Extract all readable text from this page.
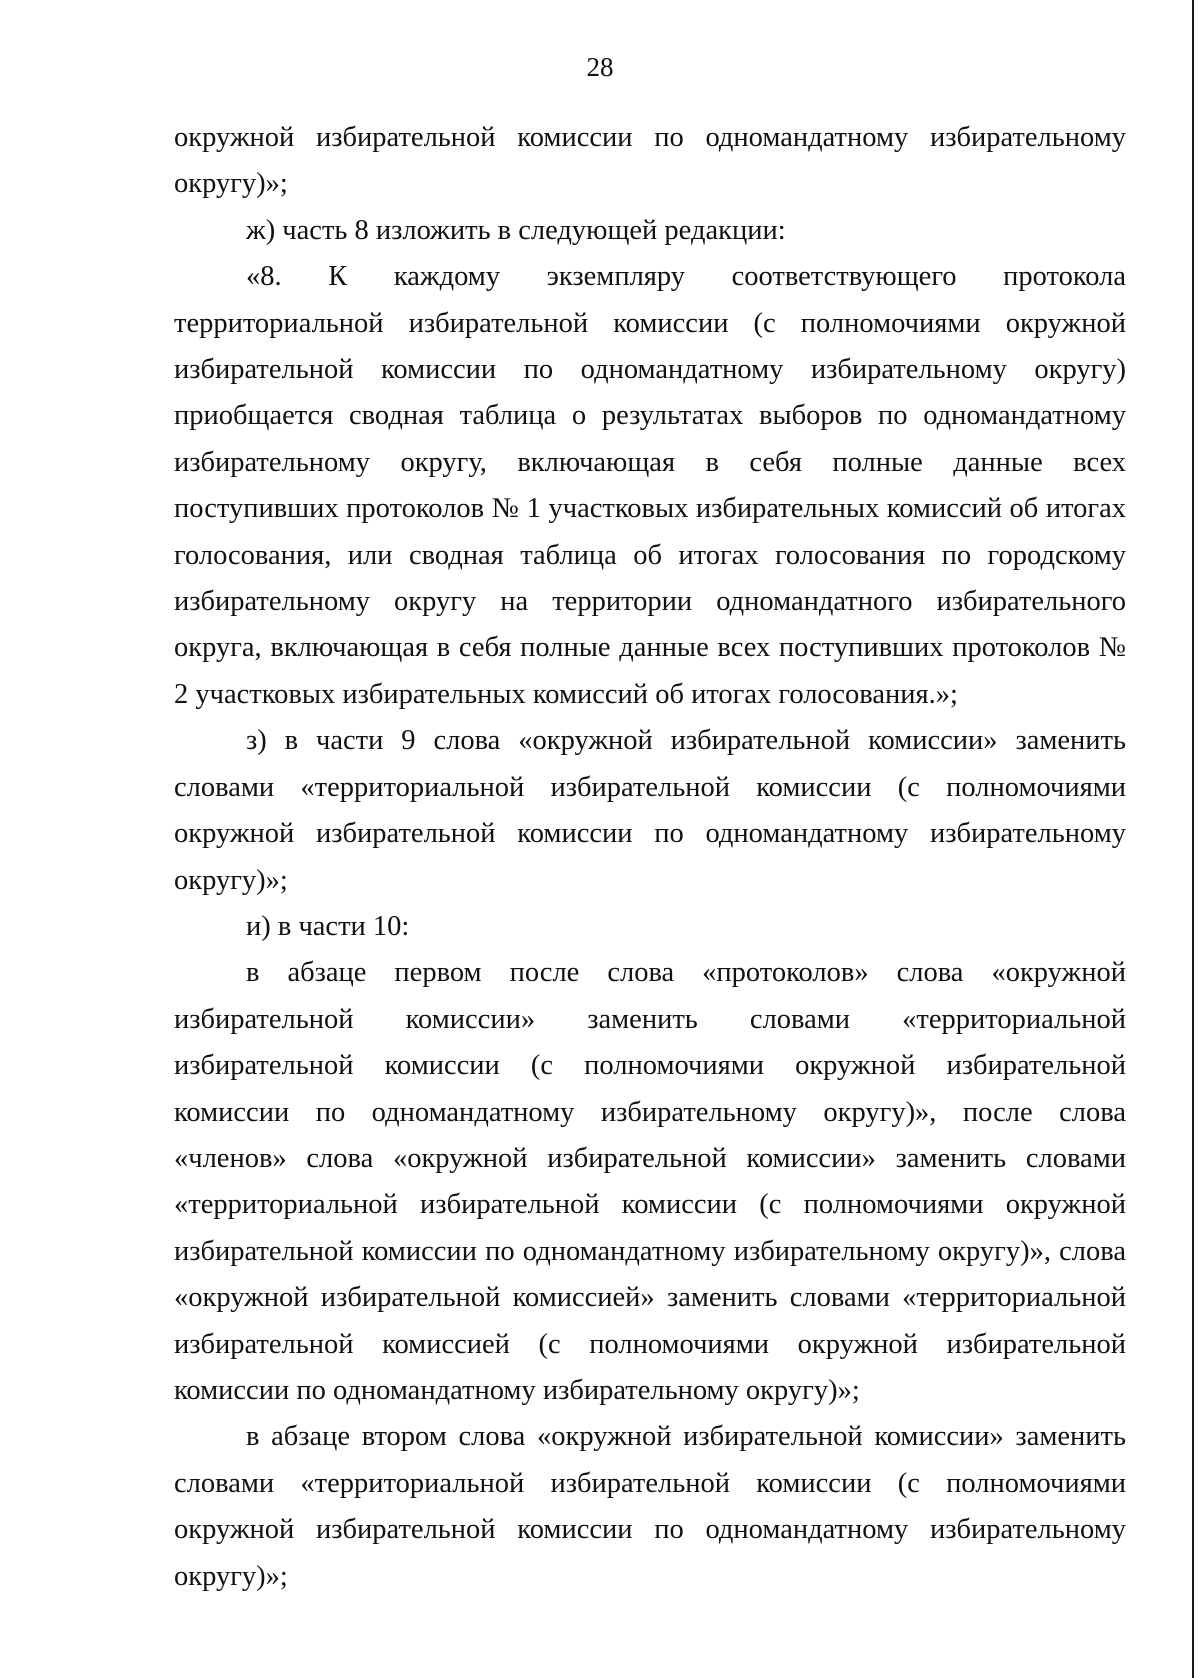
28

окружной избирательной комиссии по одномандатному избирательному округу)»;

ж) часть 8 изложить в следующей редакции:

«8. К каждому экземпляру соответствующего протокола территориальной избирательной комиссии (с полномочиями окружной избирательной комиссии по одномандатному избирательному округу) приобщается сводная таблица о результатах выборов по одномандатному избирательному округу, включающая в себя полные данные всех поступивших протоколов № 1 участковых избирательных комиссий об итогах голосования, или сводная таблица об итогах голосования по городскому избирательному округу на территории одномандатного избирательного округа, включающая в себя полные данные всех поступивших протоколов № 2 участковых избирательных комиссий об итогах голосования.»;

з) в части 9 слова «окружной избирательной комиссии» заменить словами «территориальной избирательной комиссии (с полномочиями окружной избирательной комиссии по одномандатному избирательному округу)»;

и) в части 10:

в абзаце первом после слова «протоколов» слова «окружной избирательной комиссии» заменить словами «территориальной избирательной комиссии (с полномочиями окружной избирательной комиссии по одномандатному избирательному округу)», после слова «членов» слова «окружной избирательной комиссии» заменить словами «территориальной избирательной комиссии (с полномочиями окружной избирательной комиссии по одномандатному избирательному округу)», слова «окружной избирательной комиссией» заменить словами «территориальной избирательной комиссией (с полномочиями окружной избирательной комиссии по одномандатному избирательному округу)»;

в абзаце втором слова «окружной избирательной комиссии» заменить словами «территориальной избирательной комиссии (с полномочиями окружной избирательной комиссии по одномандатному избирательному округу)»;
